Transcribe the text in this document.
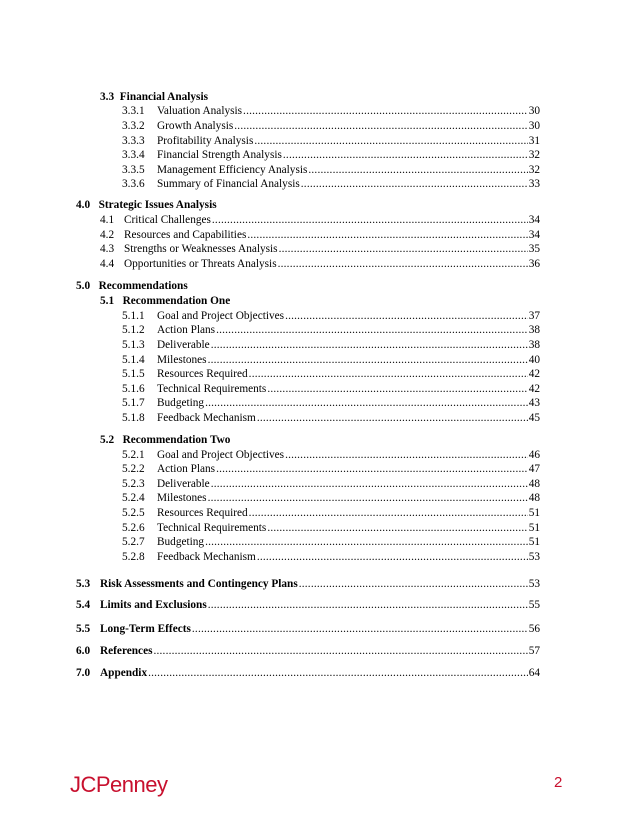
3.3 Financial Analysis
3.3.1	Valuation Analysis .....	30
3.3.2	Growth Analysis .....	30
3.3.3	Profitability Analysis .....	31
3.3.4	Financial Strength Analysis .....	32
3.3.5	Management Efficiency Analysis .....	32
3.3.6	Summary of Financial Analysis .....	33
4.0 Strategic Issues Analysis
4.1 Critical Challenges .....	34
4.2 Resources and Capabilities .....	34
4.3 Strengths or Weaknesses Analysis .....	35
4.4 Opportunities or Threats Analysis .....	36
5.0 Recommendations
5.1 Recommendation One
5.1.1	Goal and Project Objectives .....	37
5.1.2	Action Plans .....	38
5.1.3	Deliverable .....	38
5.1.4	Milestones .....	40
5.1.5	Resources Required .....	42
5.1.6	Technical Requirements .....	42
5.1.7	Budgeting .....	43
5.1.8	Feedback Mechanism .....	45
5.2 Recommendation Two
5.2.1	Goal and Project Objectives .....	46
5.2.2	Action Plans .....	47
5.2.3	Deliverable .....	48
5.2.4	Milestones .....	48
5.2.5	Resources Required .....	51
5.2.6	Technical Requirements .....	51
5.2.7	Budgeting .....	51
5.2.8	Feedback Mechanism .....	53
5.3 Risk Assessments and Contingency Plans .....	53
5.4 Limits and Exclusions .....	55
5.5 Long-Term Effects .....	56
6.0 References .....	57
7.0 Appendix .....	64
JCPenney	2
